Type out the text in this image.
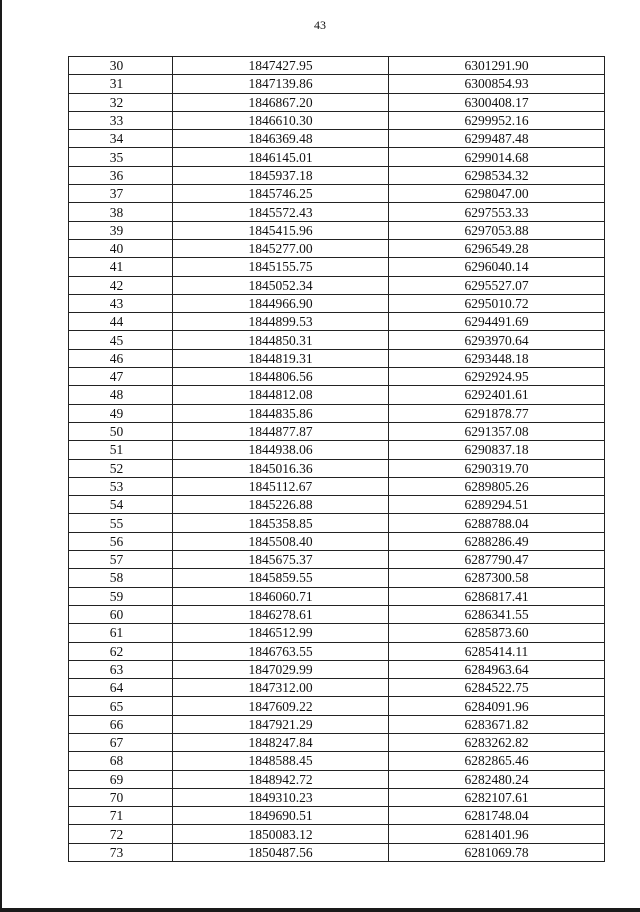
43
30	1847427.95	6301291.90
31	1847139.86	6300854.93
32	1846867.20	6300408.17
33	1846610.30	6299952.16
34	1846369.48	6299487.48
35	1846145.01	6299014.68
36	1845937.18	6298534.32
37	1845746.25	6298047.00
38	1845572.43	6297553.33
39	1845415.96	6297053.88
40	1845277.00	6296549.28
41	1845155.75	6296040.14
42	1845052.34	6295527.07
43	1844966.90	6295010.72
44	1844899.53	6294491.69
45	1844850.31	6293970.64
46	1844819.31	6293448.18
47	1844806.56	6292924.95
48	1844812.08	6292401.61
49	1844835.86	6291878.77
50	1844877.87	6291357.08
51	1844938.06	6290837.18
52	1845016.36	6290319.70
53	1845112.67	6289805.26
54	1845226.88	6289294.51
55	1845358.85	6288788.04
56	1845508.40	6288286.49
57	1845675.37	6287790.47
58	1845859.55	6287300.58
59	1846060.71	6286817.41
60	1846278.61	6286341.55
61	1846512.99	6285873.60
62	1846763.55	6285414.11
63	1847029.99	6284963.64
64	1847312.00	6284522.75
65	1847609.22	6284091.96
66	1847921.29	6283671.82
67	1848247.84	6283262.82
68	1848588.45	6282865.46
69	1848942.72	6282480.24
70	1849310.23	6282107.61
71	1849690.51	6281748.04
72	1850083.12	6281401.96
73	1850487.56	6281069.78
